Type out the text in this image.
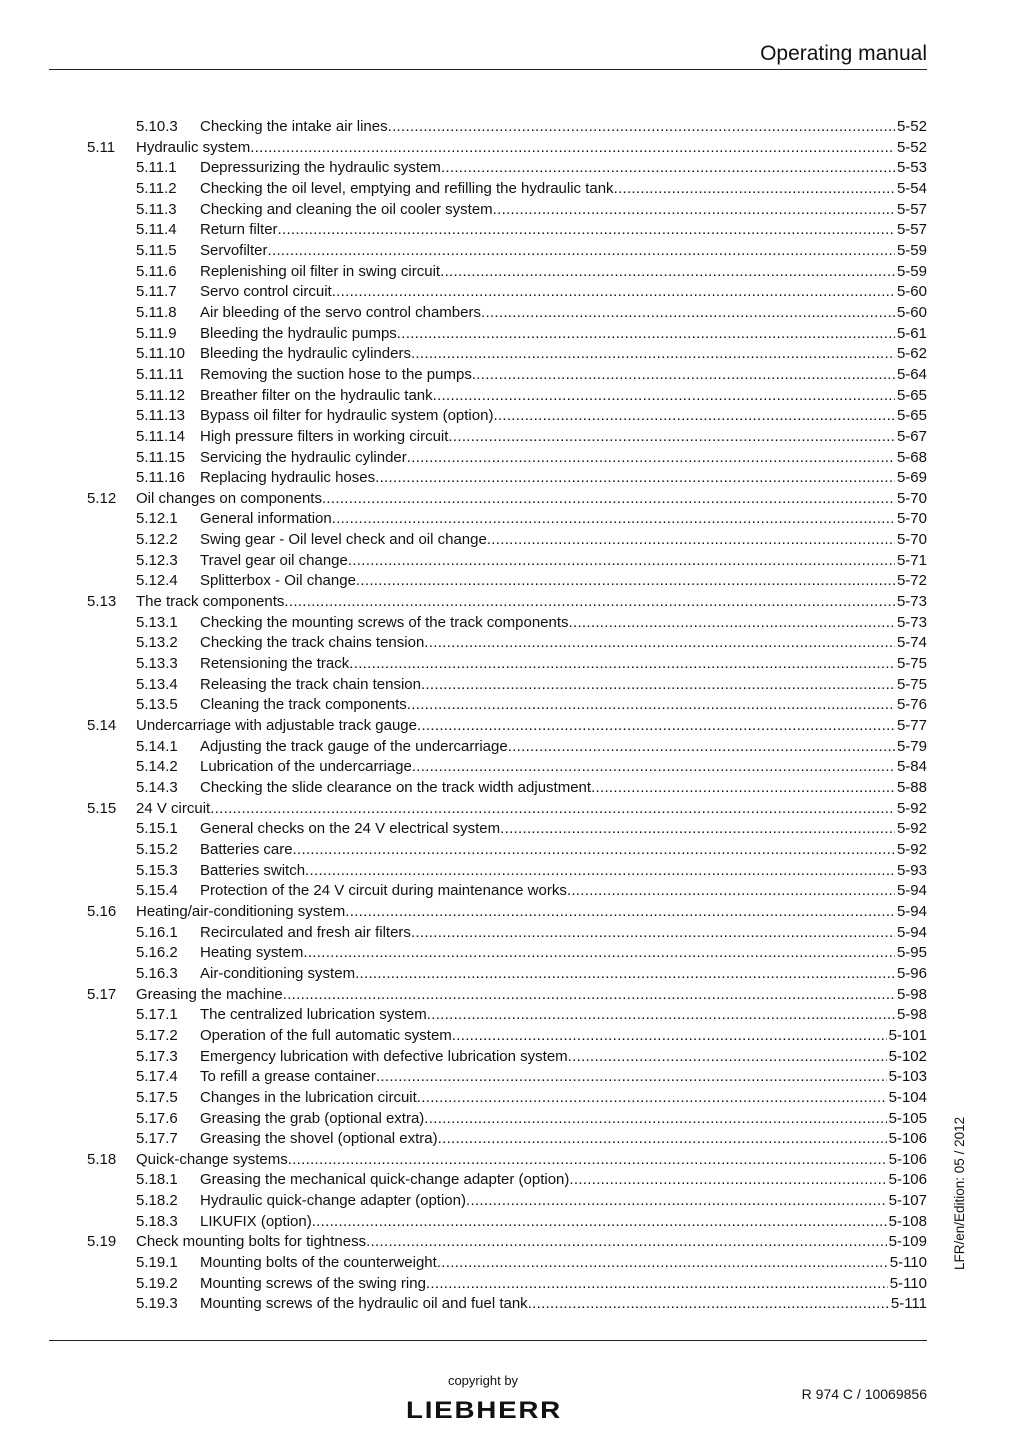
Operating manual
5.10.3 Checking the intake air lines .....	5-52
5.11 Hydraulic system .....	5-52
5.11.1 Depressurizing the hydraulic system .....	5-53
5.11.2 Checking the oil level, emptying and refilling the hydraulic tank .....	5-54
5.11.3 Checking and cleaning the oil cooler system .....	5-57
5.11.4 Return filter .....	5-57
5.11.5 Servofilter .....	5-59
5.11.6 Replenishing oil filter in swing circuit .....	5-59
5.11.7 Servo control circuit .....	5-60
5.11.8 Air bleeding of the servo control chambers .....	5-60
5.11.9 Bleeding the hydraulic pumps .....	5-61
5.11.10 Bleeding the hydraulic cylinders .....	5-62
5.11.11 Removing the suction hose to the pumps .....	5-64
5.11.12 Breather filter on the hydraulic tank .....	5-65
5.11.13 Bypass oil filter for hydraulic system (option) .....	5-65
5.11.14 High pressure filters in working circuit .....	5-67
5.11.15 Servicing the hydraulic cylinder .....	5-68
5.11.16 Replacing hydraulic hoses .....	5-69
5.12 Oil changes on components .....	5-70
5.12.1 General information .....	5-70
5.12.2 Swing gear - Oil level check and oil change .....	5-70
5.12.3 Travel gear oil change .....	5-71
5.12.4 Splitterbox - Oil change .....	5-72
5.13 The track components .....	5-73
5.13.1 Checking the mounting screws of the track components .....	5-73
5.13.2 Checking the track chains tension .....	5-74
5.13.3 Retensioning the track .....	5-75
5.13.4 Releasing the track chain tension .....	5-75
5.13.5 Cleaning the track components .....	5-76
5.14 Undercarriage with adjustable track gauge .....	5-77
5.14.1 Adjusting the track gauge of the undercarriage .....	5-79
5.14.2 Lubrication of the undercarriage .....	5-84
5.14.3 Checking the slide clearance on the track width adjustment .....	5-88
5.15 24 V circuit .....	5-92
5.15.1 General checks on the 24 V electrical system .....	5-92
5.15.2 Batteries care .....	5-92
5.15.3 Batteries switch .....	5-93
5.15.4 Protection of the 24 V circuit during maintenance works .....	5-94
5.16 Heating/air-conditioning system .....	5-94
5.16.1 Recirculated and fresh air filters .....	5-94
5.16.2 Heating system .....	5-95
5.16.3 Air-conditioning system .....	5-96
5.17 Greasing the machine .....	5-98
5.17.1 The centralized lubrication system .....	5-98
5.17.2 Operation of the full automatic system .....	5-101
5.17.3 Emergency lubrication with defective lubrication system .....	5-102
5.17.4 To refill a grease container .....	5-103
5.17.5 Changes in the lubrication circuit .....	5-104
5.17.6 Greasing the grab (optional extra) .....	5-105
5.17.7 Greasing the shovel (optional extra) .....	5-106
5.18 Quick-change systems .....	5-106
5.18.1 Greasing the mechanical quick-change adapter (option) .....	5-106
5.18.2 Hydraulic quick-change adapter (option) .....	5-107
5.18.3 LIKUFIX (option) .....	5-108
5.19 Check mounting bolts for tightness .....	5-109
5.19.1 Mounting bolts of the counterweight .....	5-110
5.19.2 Mounting screws of the swing ring .....	5-110
5.19.3 Mounting screws of the hydraulic oil and fuel tank .....	5-111
LFR/en/Edition: 05 / 2012
copyright by
LIEBHERR
R 974 C / 10069856
